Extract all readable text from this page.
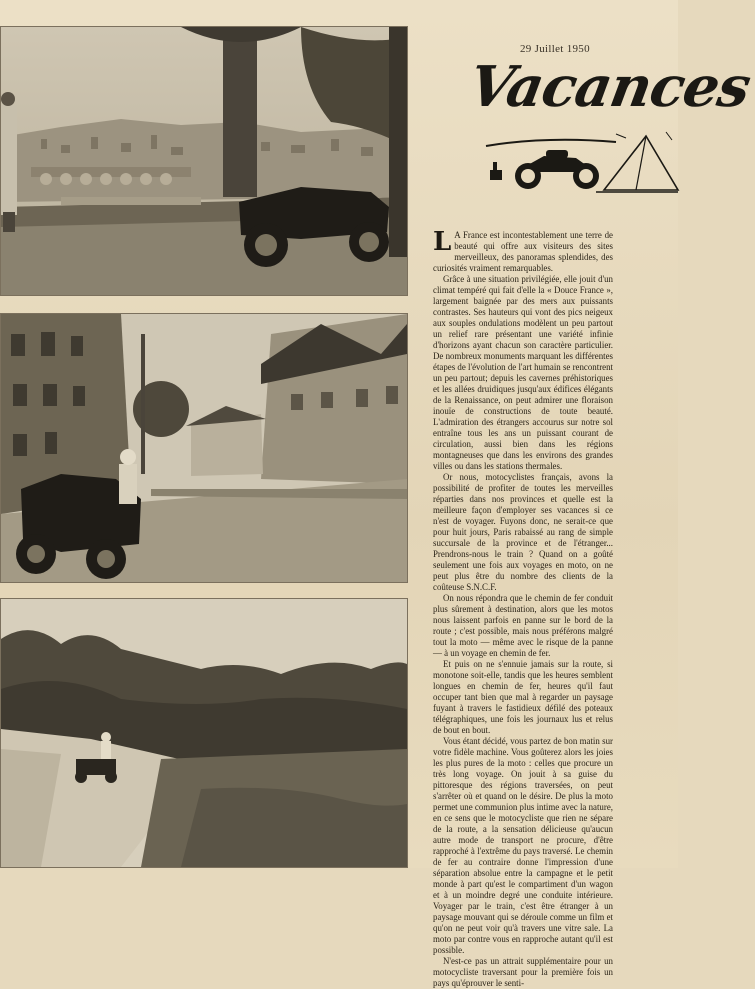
29 Juillet 1950
Vacances

L A France est incontestablement une terre de beauté qui offre aux visiteurs des sites merveilleux, des panoramas splendides, des curiosités vraiment remarquables.

Grâce à une situation privilégiée, elle jouit d'un climat tempéré qui fait d'elle la « Douce France », largement baignée par des mers aux puissants contrastes. Ses hauteurs qui vont des pics neigeux aux souples ondulations modèlent un peu partout un relief rare présentant une variété infinie d'horizons ayant chacun son caractère particulier. De nombreux monuments marquant les différentes étapes de l'évolution de l'art humain se rencontrent un peu partout; depuis les cavernes préhistoriques et les allées druidiques jusqu'aux édifices élégants de la Renaissance, on peut admirer une floraison inouïe de constructions de toute beauté. L'admiration des étrangers accourus sur notre sol entraîne tous les ans un puissant courant de circulation, aussi bien dans les régions montagneuses que dans les environs des grandes villes ou dans les stations thermales.

Or nous, motocyclistes français, avons la possibilité de profiter de toutes les merveilles réparties dans nos provinces et quelle est la meilleure façon d'employer ses vacances si ce n'est de voyager. Fuyons donc, ne serait-ce que pour huit jours, Paris rabaissé au rang de simple succursale de la province et de l'étranger... Prendrons-nous le train ? Quand on a goûté seulement une fois aux voyages en moto, on ne peut plus être du nombre des clients de la coûteuse S.N.C.F.

On nous répondra que le chemin de fer conduit plus sûrement à destination, alors que les motos nous laissent parfois en panne sur le bord de la route ; c'est possible, mais nous préférons malgré tout la moto — même avec le risque de la panne — à un voyage en chemin de fer.

Et puis on ne s'ennuie jamais sur la route, si monotone soit-elle, tandis que les heures semblent longues en chemin de fer, heures qu'il faut occuper tant bien que mal à regarder un paysage fuyant à travers le fastidieux défilé des poteaux télégraphiques, une fois les journaux lus et relus de bout en bout.

Vous étant décidé, vous partez de bon matin sur votre fidèle machine. Vous goûterez alors les joies les plus pures de la moto : celles que procure un très long voyage. On jouit à sa guise du pittoresque des régions traversées, on peut s'arrêter où et quand on le désire. De plus la moto permet une communion plus intime avec la nature, en ce sens que le motocycliste que rien ne sépare de la route, a la sensation délicieuse qu'aucun autre mode de transport ne procure, d'être rapproché à l'extrême du pays traversé. Le chemin de fer au contraire donne l'impression d'une séparation absolue entre la campagne et le petit monde à part qu'est le compartiment d'un wagon et à un moindre degré une conduite intérieure. Voyager par le train, c'est être étranger à un paysage mouvant qui se déroule comme un film et qu'on ne peut voir qu'à travers une vitre sale. La moto par contre vous en rapproche autant qu'il est possible.

N'est-ce pas un attrait supplémentaire pour un motocycliste traversant pour la première fois un pays qu'éprouver le senti-
